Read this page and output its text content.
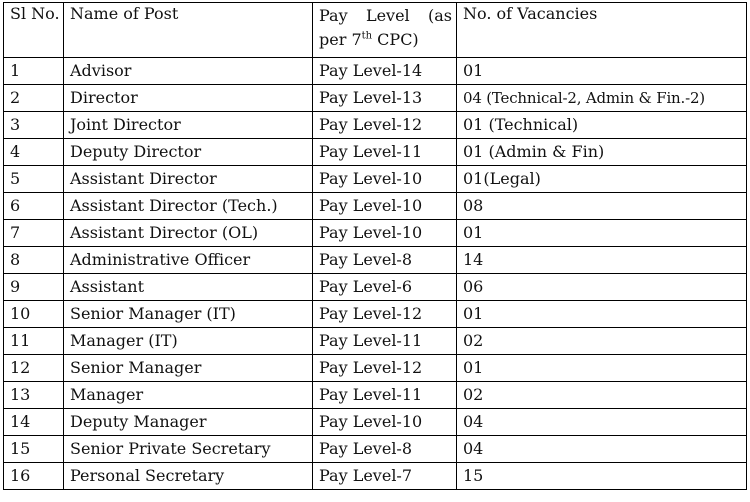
Sl No.	Name of Post	Pay Level (as per 7th CPC)	No. of Vacancies
1	Advisor	Pay Level-14	01
2	Director	Pay Level-13	04 (Technical-2, Admin & Fin.-2)
3	Joint Director	Pay Level-12	01 (Technical)
4	Deputy Director	Pay Level-11	01 (Admin & Fin)
5	Assistant Director	Pay Level-10	01(Legal)
6	Assistant Director (Tech.)	Pay Level-10	08
7	Assistant Director (OL)	Pay Level-10	01
8	Administrative Officer	Pay Level-8	14
9	Assistant	Pay Level-6	06
10	Senior Manager (IT)	Pay Level-12	01
11	Manager (IT)	Pay Level-11	02
12	Senior Manager	Pay Level-12	01
13	Manager	Pay Level-11	02
14	Deputy Manager	Pay Level-10	04
15	Senior Private Secretary	Pay Level-8	04
16	Personal Secretary	Pay Level-7	15
